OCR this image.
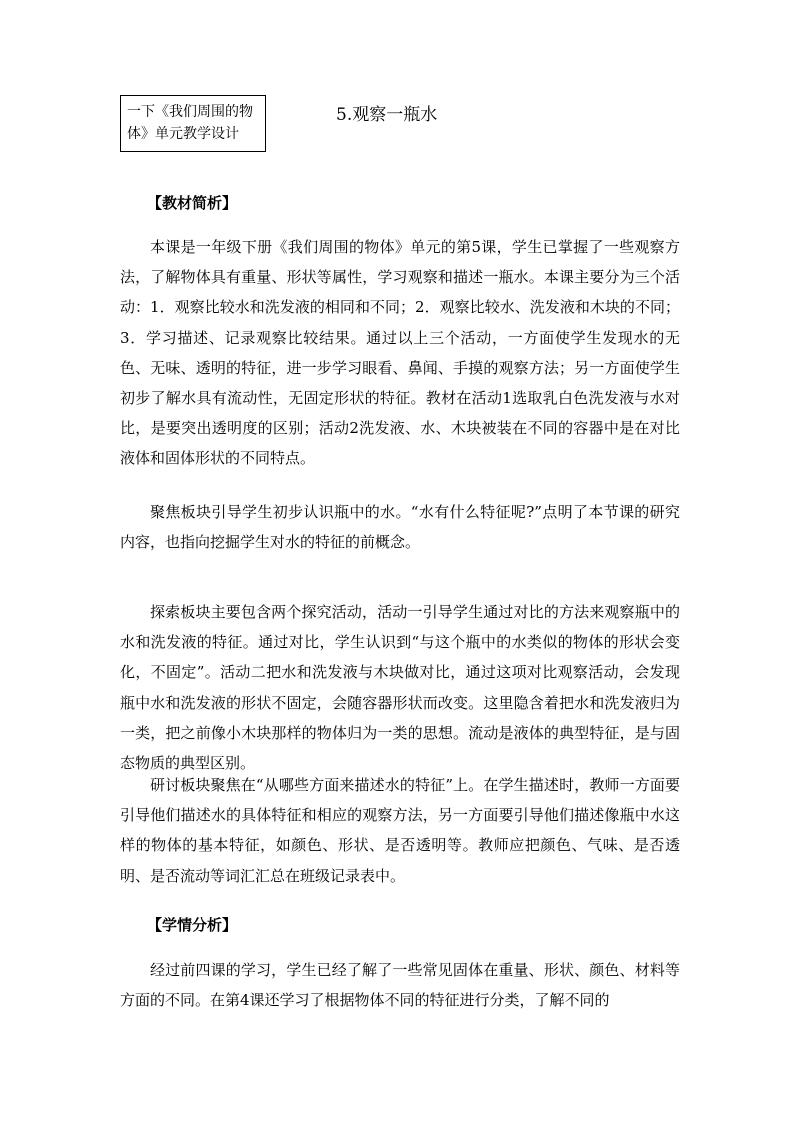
一下《我们周围的物体》单元教学设计
5.观察一瓶水
【教材简析】

本课是一年级下册《我们周围的物体》单元的第5课，学生已掌握了一些观察方法，了解物体具有重量、形状等属性，学习观察和描述一瓶水。本课主要分为三个活动：1．观察比较水和洗发液的相同和不同；2．观察比较水、洗发液和木块的不同；3．学习描述、记录观察比较结果。通过以上三个活动，一方面使学生发现水的无色、无味、透明的特征，进一步学习眼看、鼻闻、手摸的观察方法；另一方面使学生初步了解水具有流动性，无固定形状的特征。教材在活动1选取乳白色洗发液与水对比，是要突出透明度的区别；活动2洗发液、水、木块被装在不同的容器中是在对比液体和固体形状的不同特点。

聚焦板块引导学生初步认识瓶中的水。“水有什么特征呢?”点明了本节课的研究内容，也指向挖掘学生对水的特征的前概念。

探索板块主要包含两个探究活动，活动一引导学生通过对比的方法来观察瓶中的水和洗发液的特征。通过对比，学生认识到“与这个瓶中的水类似的物体的形状会变化，不固定”。活动二把水和洗发液与木块做对比，通过这项对比观察活动，会发现瓶中水和洗发液的形状不固定，会随容器形状而改变。这里隐含着把水和洗发液归为一类，把之前像小木块那样的物体归为一类的思想。流动是液体的典型特征，是与固态物质的典型区别。

研讨板块聚焦在“从哪些方面来描述水的特征”上。在学生描述时，教师一方面要引导他们描述水的具体特征和相应的观察方法，另一方面要引导他们描述像瓶中水这样的物体的基本特征，如颜色、形状、是否透明等。教师应把颜色、气味、是否透明、是否流动等词汇汇总在班级记录表中。

【学情分析】

经过前四课的学习，学生已经了解了一些常见固体在重量、形状、颜色、材料等方面的不同。在第4课还学习了根据物体不同的特征进行分类，了解不同的
